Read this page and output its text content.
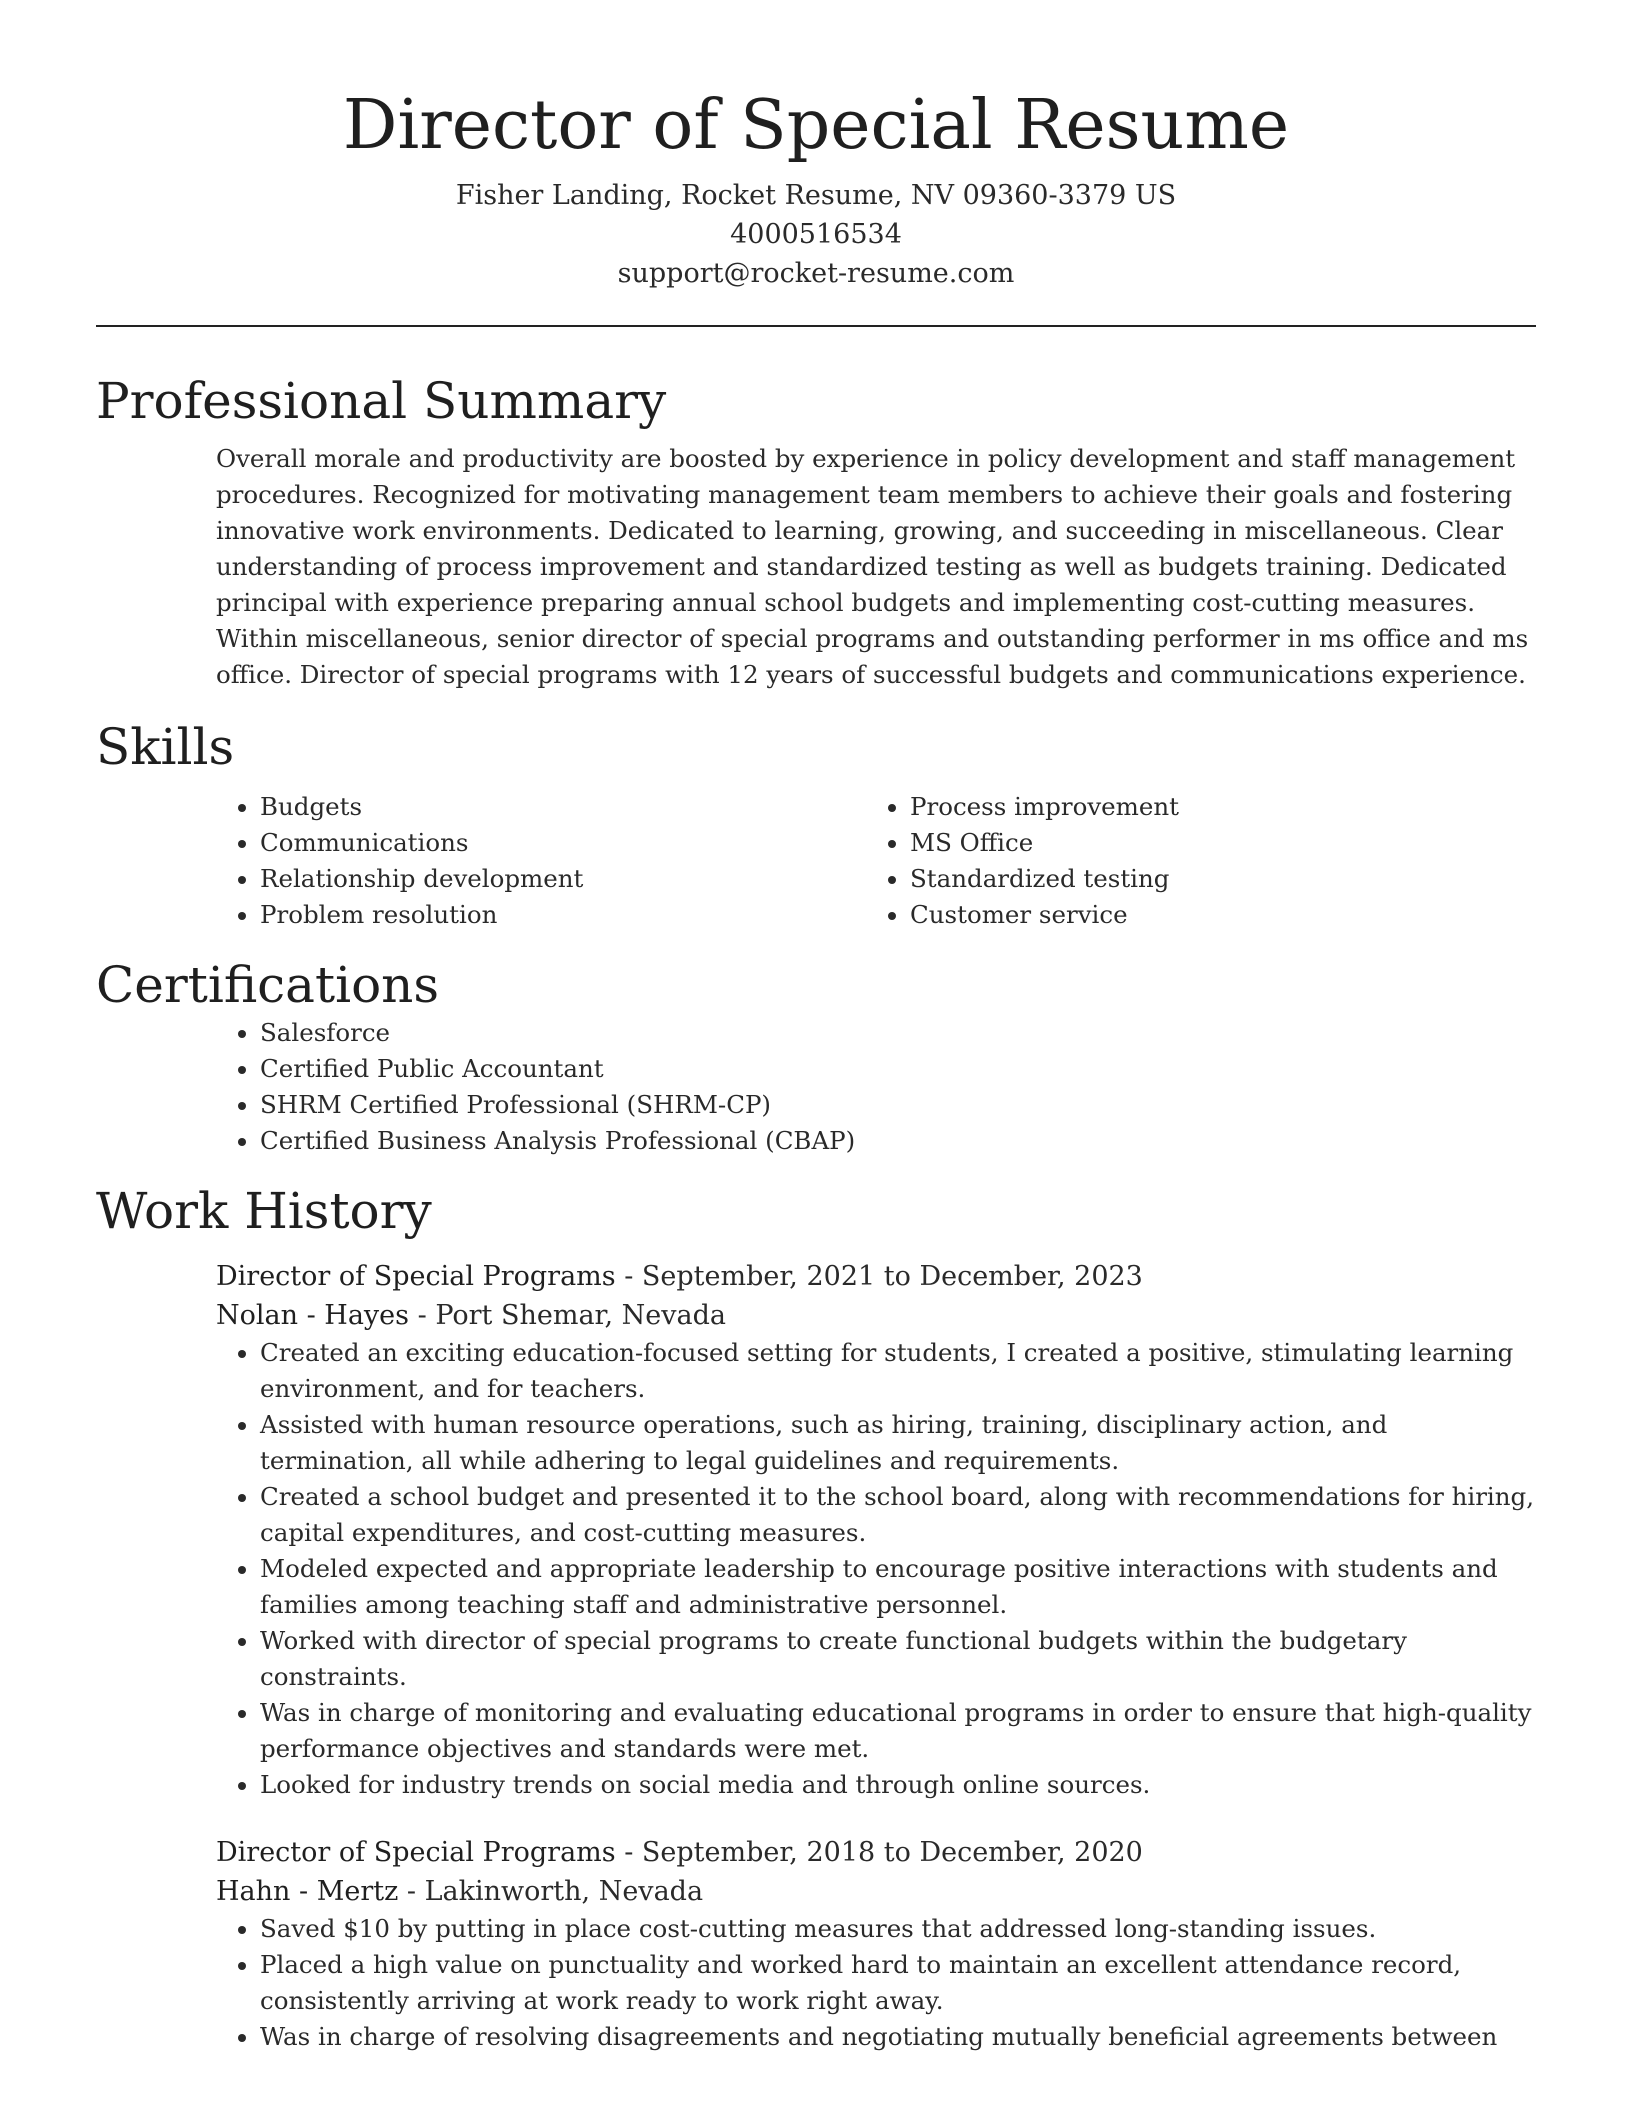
Director of Special Resume
Fisher Landing, Rocket Resume, NV 09360-3379 US
4000516534
support@rocket-resume.com
Professional Summary
Overall morale and productivity are boosted by experience in policy development and staff management procedures. Recognized for motivating management team members to achieve their goals and fostering innovative work environments. Dedicated to learning, growing, and succeeding in miscellaneous. Clear understanding of process improvement and standardized testing as well as budgets training. Dedicated principal with experience preparing annual school budgets and implementing cost-cutting measures. Within miscellaneous, senior director of special programs and outstanding performer in ms office and ms office. Director of special programs with 12 years of successful budgets and communications experience.
Skills
• Budgets
• Communications
• Relationship development
• Problem resolution
• Process improvement
• MS Office
• Standardized testing
• Customer service
Certifications
• Salesforce
• Certified Public Accountant
• SHRM Certified Professional (SHRM-CP)
• Certified Business Analysis Professional (CBAP)
Work History
Director of Special Programs - September, 2021 to December, 2023
Nolan - Hayes - Port Shemar, Nevada
• Created an exciting education-focused setting for students, I created a positive, stimulating learning environment, and for teachers.
• Assisted with human resource operations, such as hiring, training, disciplinary action, and termination, all while adhering to legal guidelines and requirements.
• Created a school budget and presented it to the school board, along with recommendations for hiring, capital expenditures, and cost-cutting measures.
• Modeled expected and appropriate leadership to encourage positive interactions with students and families among teaching staff and administrative personnel.
• Worked with director of special programs to create functional budgets within the budgetary constraints.
• Was in charge of monitoring and evaluating educational programs in order to ensure that high-quality performance objectives and standards were met.
• Looked for industry trends on social media and through online sources.
Director of Special Programs - September, 2018 to December, 2020
Hahn - Mertz - Lakinworth, Nevada
• Saved $10 by putting in place cost-cutting measures that addressed long-standing issues.
• Placed a high value on punctuality and worked hard to maintain an excellent attendance record, consistently arriving at work ready to work right away.
• Was in charge of resolving disagreements and negotiating mutually beneficial agreements between
